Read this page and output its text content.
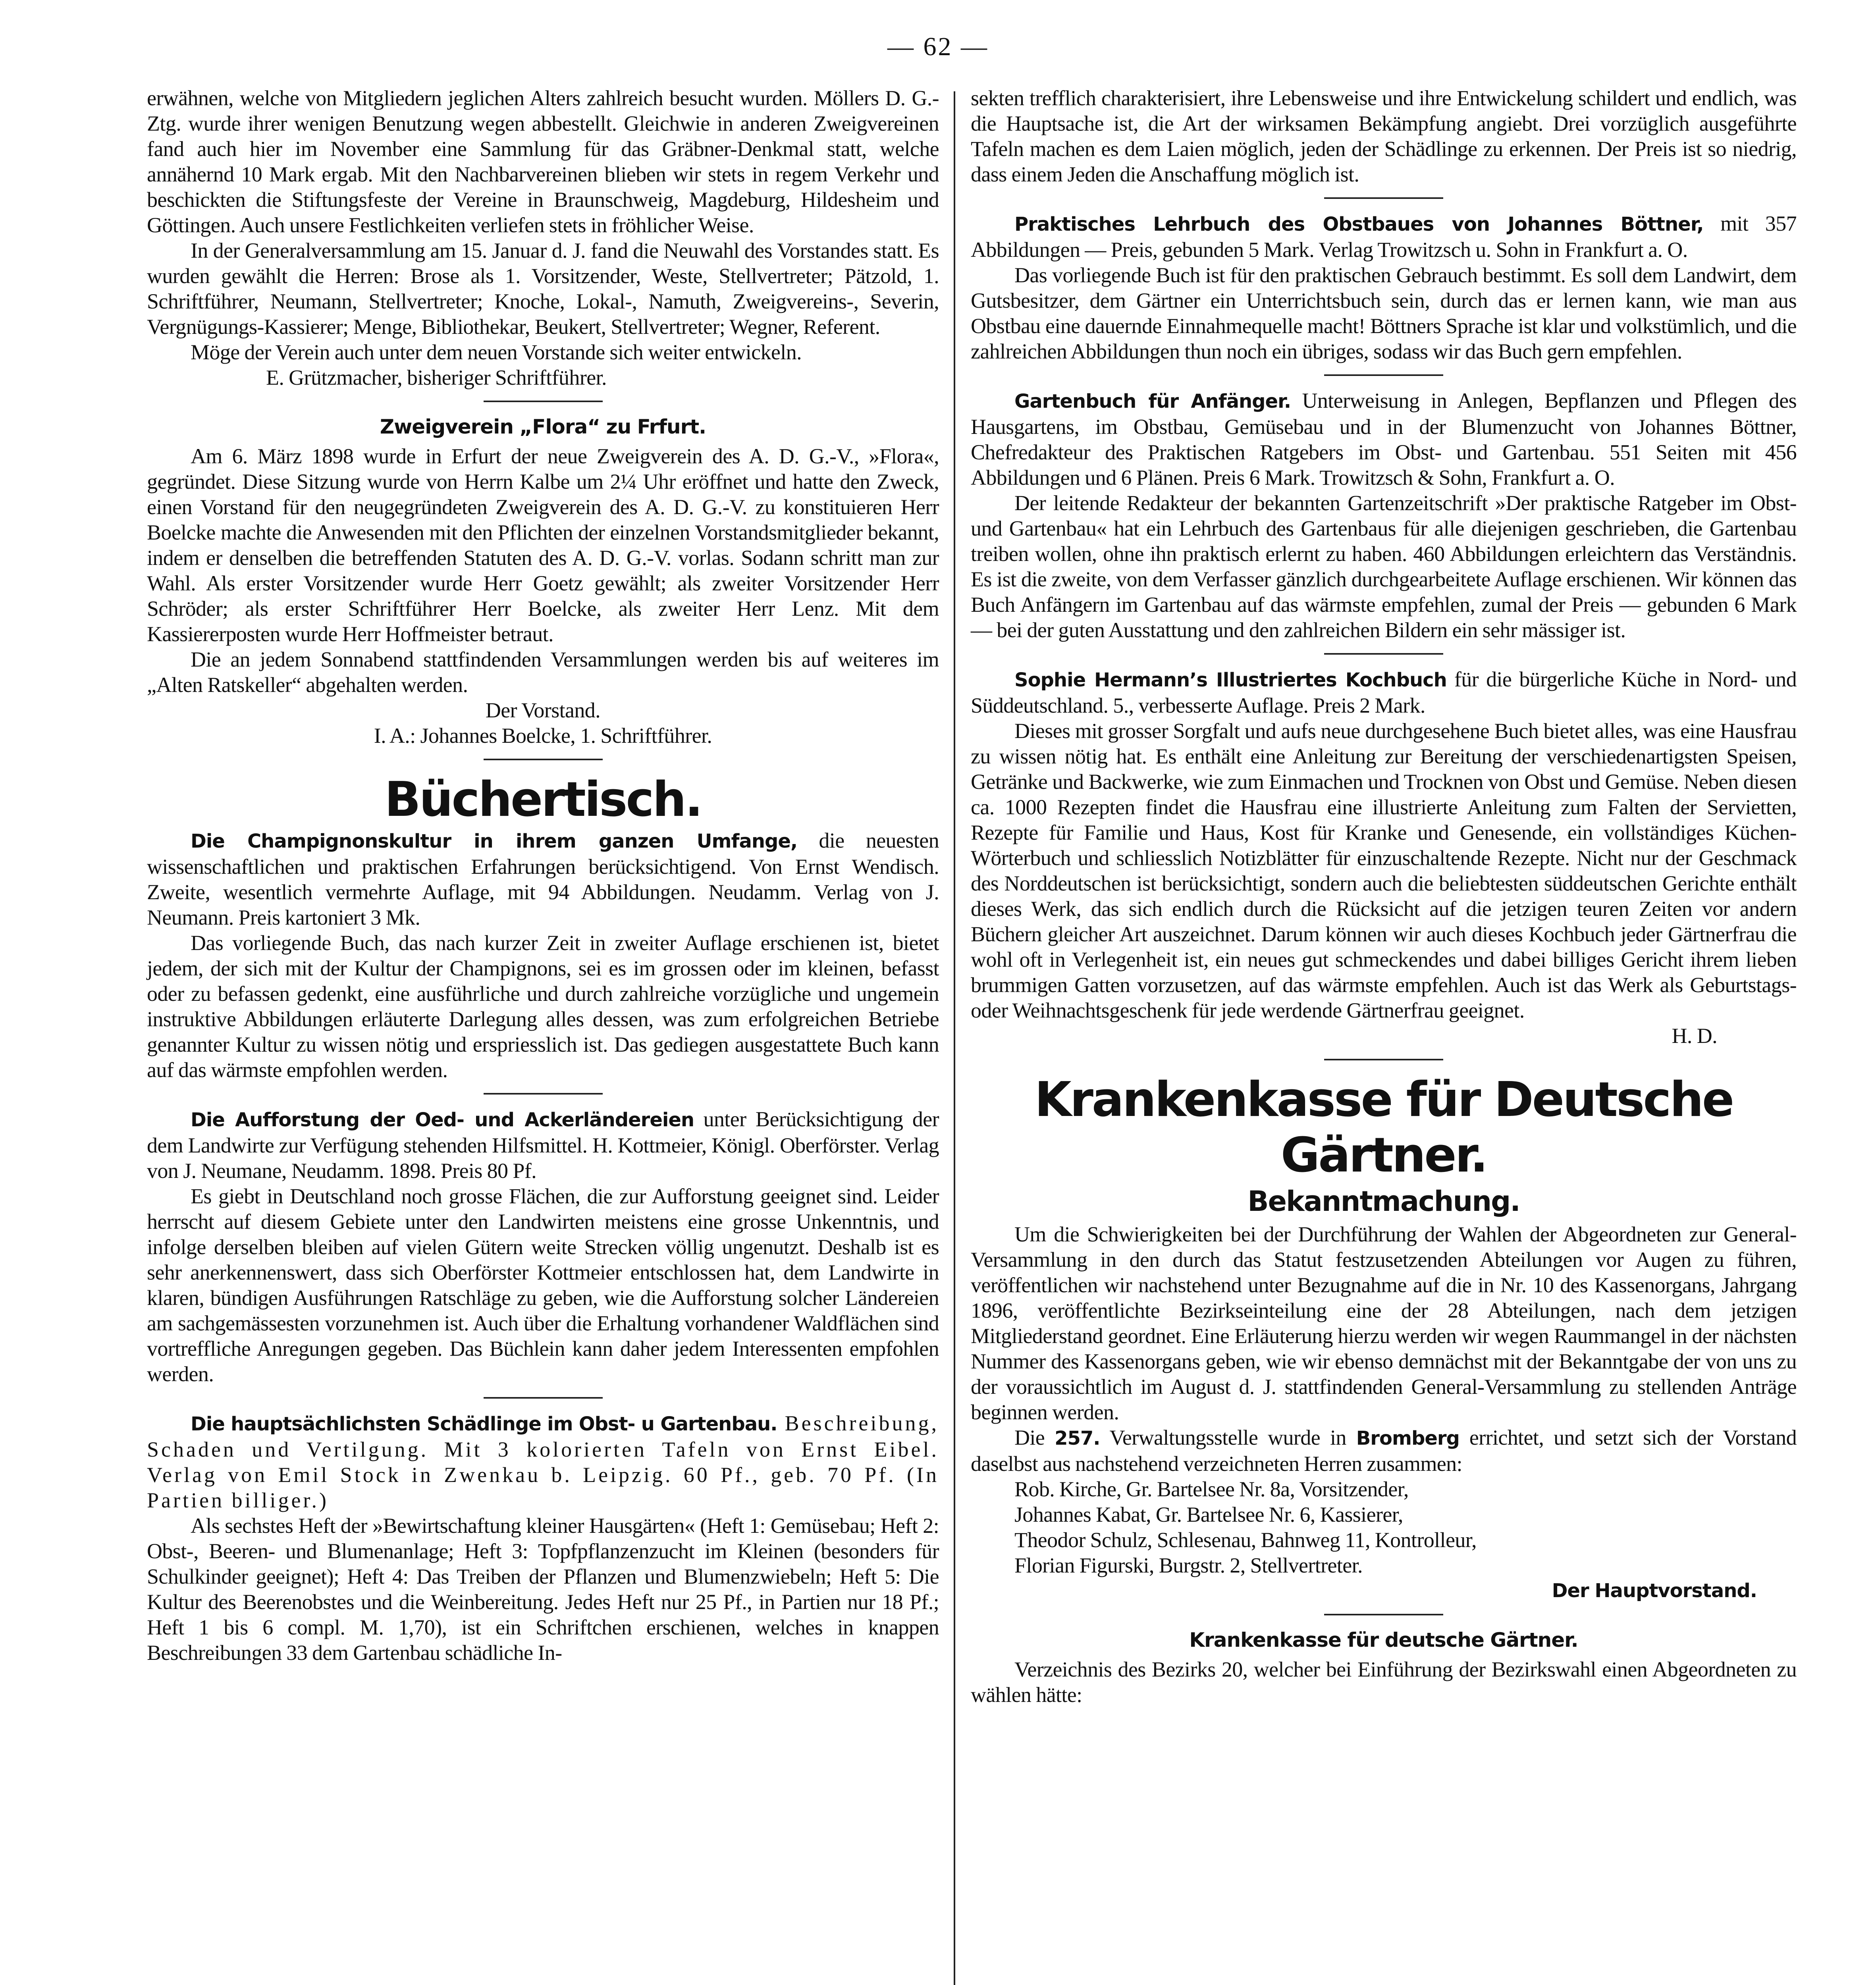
— 62 —

erwähnen, welche von Mitgliedern jeglichen Alters zahlreich besucht wurden. Möllers D. G.-Ztg. wurde ihrer wenigen Benutzung wegen abbestellt. Gleichwie in anderen Zweigvereinen fand auch hier im November eine Sammlung für das Gräbner-Denkmal statt, welche annähernd 10 Mark ergab. Mit den Nachbarvereinen blieben wir stets in regem Verkehr und beschickten die Stiftungsfeste der Vereine in Braunschweig, Magdeburg, Hildesheim und Göttingen. Auch unsere Festlichkeiten verliefen stets in fröhlicher Weise.

In der Generalversammlung am 15. Januar d. J. fand die Neuwahl des Vorstandes statt. Es wurden gewählt die Herren: Brose als 1. Vorsitzender, Weste, Stellvertreter; Pätzold, 1. Schriftführer, Neumann, Stellvertreter; Knoche, Lokal-, Namuth, Zweigvereins-, Severin, Vergnügungs-Kassierer; Menge, Bibliothekar, Beukert, Stellvertreter; Wegner, Referent.

Möge der Verein auch unter dem neuen Vorstande sich weiter entwickeln.

E. Grützmacher, bisheriger Schriftführer.

Zweigverein „Flora“ zu Frfurt.

Am 6. März 1898 wurde in Erfurt der neue Zweigverein des A. D. G.-V., »Flora«, gegründet. Diese Sitzung wurde von Herrn Kalbe um 2¼ Uhr eröffnet und hatte den Zweck, einen Vorstand für den neugegründeten Zweigverein des A. D. G.-V. zu konstituieren Herr Boelcke machte die Anwesenden mit den Pflichten der einzelnen Vorstandsmitglieder bekannt, indem er denselben die betreffenden Statuten des A. D. G.-V. vorlas. Sodann schritt man zur Wahl. Als erster Vorsitzender wurde Herr Goetz gewählt; als zweiter Vorsitzender Herr Schröder; als erster Schriftführer Herr Boelcke, als zweiter Herr Lenz. Mit dem Kassiererposten wurde Herr Hoffmeister betraut.

Die an jedem Sonnabend stattfindenden Versammlungen werden bis auf weiteres im „Alten Ratskeller“ abgehalten werden.

Der Vorstand.

I. A.: Johannes Boelcke, 1. Schriftführer.

Büchertisch.

Die Champignonskultur in ihrem ganzen Umfange, die neuesten wissenschaftlichen und praktischen Erfahrungen berücksichtigend. Von Ernst Wendisch. Zweite, wesentlich vermehrte Auflage, mit 94 Abbildungen. Neudamm. Verlag von J. Neumann. Preis kartoniert 3 Mk.

Das vorliegende Buch, das nach kurzer Zeit in zweiter Auflage erschienen ist, bietet jedem, der sich mit der Kultur der Champignons, sei es im grossen oder im kleinen, befasst oder zu befassen gedenkt, eine ausführliche und durch zahlreiche vorzügliche und ungemein instruktive Abbildungen erläuterte Darlegung alles dessen, was zum erfolgreichen Betriebe genannter Kultur zu wissen nötig und erspriesslich ist. Das gediegen ausgestattete Buch kann auf das wärmste empfohlen werden.

Die Aufforstung der Oed- und Ackerländereien unter Berücksichtigung der dem Landwirte zur Verfügung stehenden Hilfsmittel. H. Kottmeier, Königl. Oberförster. Verlag von J. Neumane, Neudamm. 1898. Preis 80 Pf.

Es giebt in Deutschland noch grosse Flächen, die zur Aufforstung geeignet sind. Leider herrscht auf diesem Gebiete unter den Landwirten meistens eine grosse Unkenntnis, und infolge derselben bleiben auf vielen Gütern weite Strecken völlig ungenutzt. Deshalb ist es sehr anerkennenswert, dass sich Oberförster Kottmeier entschlossen hat, dem Landwirte in klaren, bündigen Ausführungen Ratschläge zu geben, wie die Aufforstung solcher Ländereien am sachgemässesten vorzunehmen ist. Auch über die Erhaltung vorhandener Waldflächen sind vortreffliche Anregungen gegeben. Das Büchlein kann daher jedem Interessenten empfohlen werden.

Die hauptsächlichsten Schädlinge im Obst- u Gartenbau. Beschreibung, Schaden und Vertilgung. Mit 3 kolorierten Tafeln von Ernst Eibel. Verlag von Emil Stock in Zwenkau b. Leipzig. 60 Pf., geb. 70 Pf. (In Partien billiger.)

Als sechstes Heft der »Bewirtschaftung kleiner Hausgärten« (Heft 1: Gemüsebau; Heft 2: Obst-, Beeren- und Blumenanlage; Heft 3: Topfpflanzenzucht im Kleinen (besonders für Schulkinder geeignet); Heft 4: Das Treiben der Pflanzen und Blumenzwiebeln; Heft 5: Die Kultur des Beerenobstes und die Weinbereitung. Jedes Heft nur 25 Pf., in Partien nur 18 Pf.; Heft 1 bis 6 compl. M. 1,70), ist ein Schriftchen erschienen, welches in knappen Beschreibungen 33 dem Gartenbau schädliche In-

sekten trefflich charakterisiert, ihre Lebensweise und ihre Entwickelung schildert und endlich, was die Hauptsache ist, die Art der wirksamen Bekämpfung angiebt. Drei vorzüglich ausgeführte Tafeln machen es dem Laien möglich, jeden der Schädlinge zu erkennen. Der Preis ist so niedrig, dass einem Jeden die Anschaffung möglich ist.

Praktisches Lehrbuch des Obstbaues von Johannes Böttner, mit 357 Abbildungen — Preis, gebunden 5 Mark. Verlag Trowitzsch u. Sohn in Frankfurt a. O.

Das vorliegende Buch ist für den praktischen Gebrauch bestimmt. Es soll dem Landwirt, dem Gutsbesitzer, dem Gärtner ein Unterrichtsbuch sein, durch das er lernen kann, wie man aus Obstbau eine dauernde Einnahmequelle macht! Böttners Sprache ist klar und volkstümlich, und die zahlreichen Abbildungen thun noch ein übriges, sodass wir das Buch gern empfehlen.

Gartenbuch für Anfänger. Unterweisung in Anlegen, Bepflanzen und Pflegen des Hausgartens, im Obstbau, Gemüsebau und in der Blumenzucht von Johannes Böttner, Chefredakteur des Praktischen Ratgebers im Obst- und Gartenbau. 551 Seiten mit 456 Abbildungen und 6 Plänen. Preis 6 Mark. Trowitzsch & Sohn, Frankfurt a. O.

Der leitende Redakteur der bekannten Gartenzeitschrift »Der praktische Ratgeber im Obst- und Gartenbau« hat ein Lehrbuch des Gartenbaus für alle diejenigen geschrieben, die Gartenbau treiben wollen, ohne ihn praktisch erlernt zu haben. 460 Abbildungen erleichtern das Verständnis. Es ist die zweite, von dem Verfasser gänzlich durchgearbeitete Auflage erschienen. Wir können das Buch Anfängern im Gartenbau auf das wärmste empfehlen, zumal der Preis — gebunden 6 Mark — bei der guten Ausstattung und den zahlreichen Bildern ein sehr mässiger ist.

Sophie Hermann’s Illustriertes Kochbuch für die bürgerliche Küche in Nord- und Süddeutschland. 5., verbesserte Auflage. Preis 2 Mark.

Dieses mit grosser Sorgfalt und aufs neue durchgesehene Buch bietet alles, was eine Hausfrau zu wissen nötig hat. Es enthält eine Anleitung zur Bereitung der verschiedenartigsten Speisen, Getränke und Backwerke, wie zum Einmachen und Trocknen von Obst und Gemüse. Neben diesen ca. 1000 Rezepten findet die Hausfrau eine illustrierte Anleitung zum Falten der Servietten, Rezepte für Familie und Haus, Kost für Kranke und Genesende, ein vollständiges Küchen-Wörterbuch und schliesslich Notizblätter für einzuschaltende Rezepte. Nicht nur der Geschmack des Norddeutschen ist berücksichtigt, sondern auch die beliebtesten süddeutschen Gerichte enthält dieses Werk, das sich endlich durch die Rücksicht auf die jetzigen teuren Zeiten vor andern Büchern gleicher Art auszeichnet. Darum können wir auch dieses Kochbuch jeder Gärtnerfrau die wohl oft in Verlegenheit ist, ein neues gut schmeckendes und dabei billiges Gericht ihrem lieben brummigen Gatten vorzusetzen, auf das wärmste empfehlen. Auch ist das Werk als Geburtstags- oder Weihnachtsgeschenk für jede werdende Gärtnerfrau geeignet.

H. D.

Krankenkasse für Deutsche Gärtner.
Bekanntmachung.

Um die Schwierigkeiten bei der Durchführung der Wahlen der Abgeordneten zur General-Versammlung in den durch das Statut festzusetzenden Abteilungen vor Augen zu führen, veröffentlichen wir nachstehend unter Bezugnahme auf die in Nr. 10 des Kassenorgans, Jahrgang 1896, veröffentlichte Bezirkseinteilung eine der 28 Abteilungen, nach dem jetzigen Mitgliederstand geordnet. Eine Erläuterung hierzu werden wir wegen Raummangel in der nächsten Nummer des Kassenorgans geben, wie wir ebenso demnächst mit der Bekanntgabe der von uns zu der voraussichtlich im August d. J. stattfindenden General-Versammlung zu stellenden Anträge beginnen werden.

Die 257. Verwaltungsstelle wurde in Bromberg errichtet, und setzt sich der Vorstand daselbst aus nachstehend verzeichneten Herren zusammen:

Rob. Kirche, Gr. Bartelsee Nr. 8a, Vorsitzender,

Johannes Kabat, Gr. Bartelsee Nr. 6, Kassierer,

Theodor Schulz, Schlesenau, Bahnweg 11, Kontrolleur,

Florian Figurski, Burgstr. 2, Stellvertreter.

Der Hauptvorstand.

Krankenkasse für deutsche Gärtner.

Verzeichnis des Bezirks 20, welcher bei Einführung der Bezirkswahl einen Abgeordneten zu wählen hätte:
